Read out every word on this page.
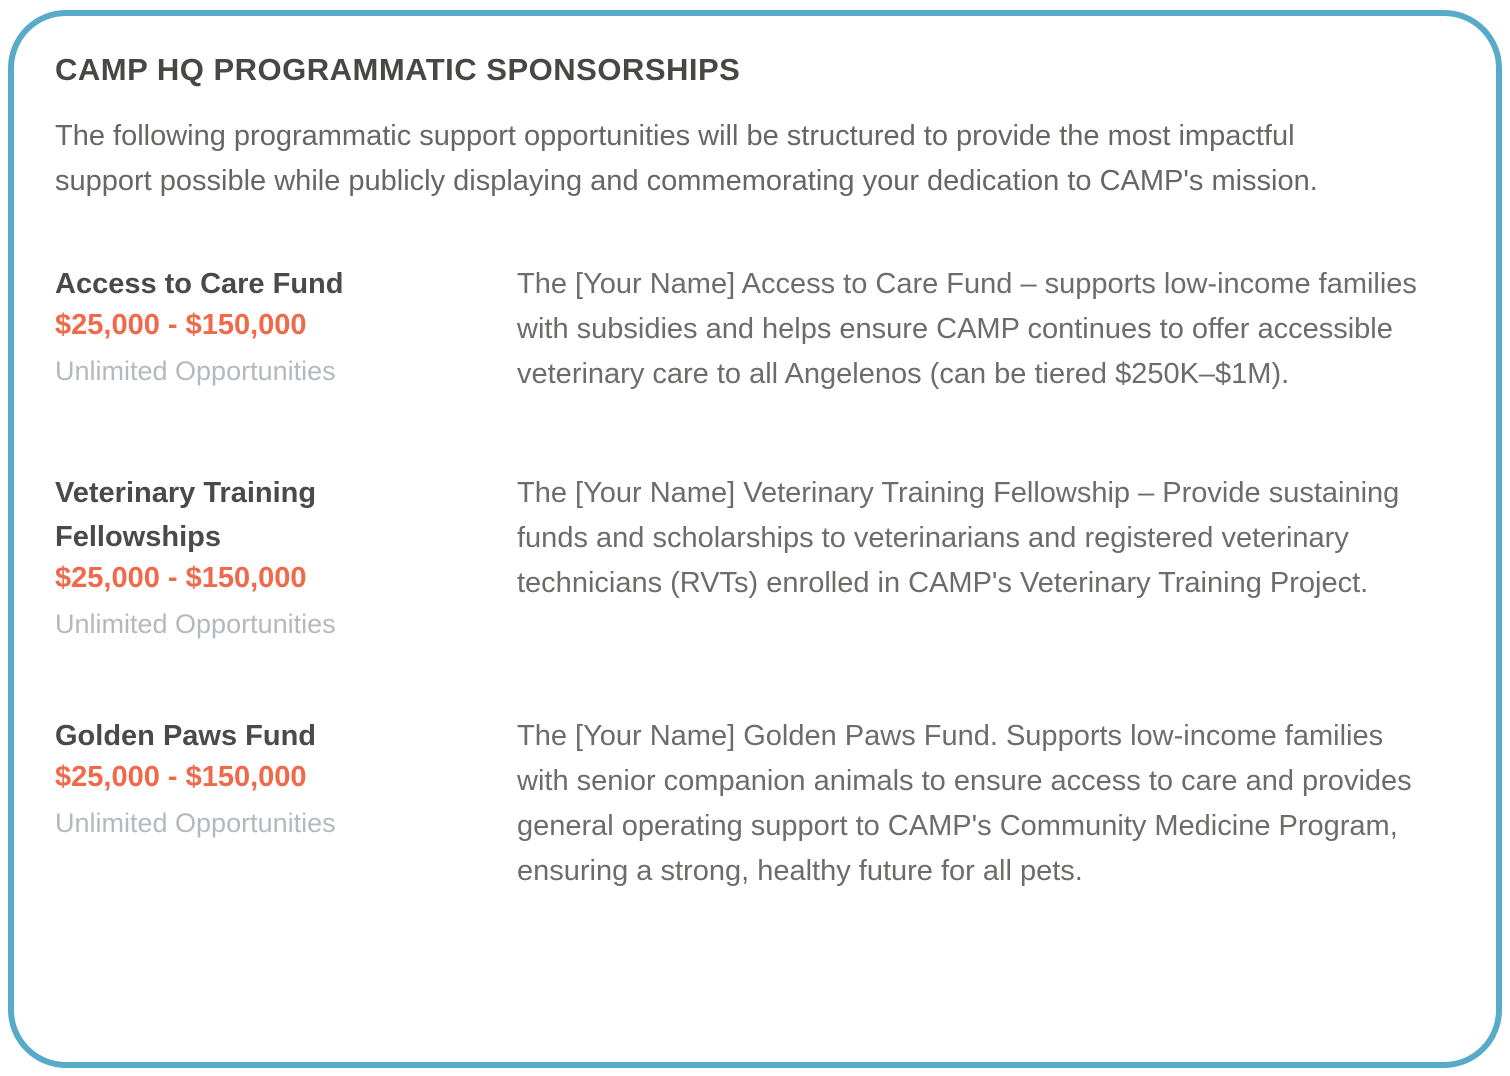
CAMP HQ PROGRAMMATIC SPONSORSHIPS

The following programmatic support opportunities will be structured to provide the most impactful support possible while publicly displaying and commemorating your dedication to CAMP's mission.

Access to Care Fund
$25,000 - $150,000
Unlimited Opportunities
The [Your Name] Access to Care Fund – supports low-income families with subsidies and helps ensure CAMP continues to offer accessible veterinary care to all Angelenos (can be tiered $250K–$1M).
Veterinary Training Fellowships
$25,000 - $150,000
Unlimited Opportunities
The [Your Name] Veterinary Training Fellowship – Provide sustaining funds and scholarships to veterinarians and registered veterinary technicians (RVTs) enrolled in CAMP's Veterinary Training Project.
Golden Paws Fund
$25,000 - $150,000
Unlimited Opportunities
The [Your Name] Golden Paws Fund. Supports low-income families with senior companion animals to ensure access to care and provides general operating support to CAMP's Community Medicine Program, ensuring a strong, healthy future for all pets.
